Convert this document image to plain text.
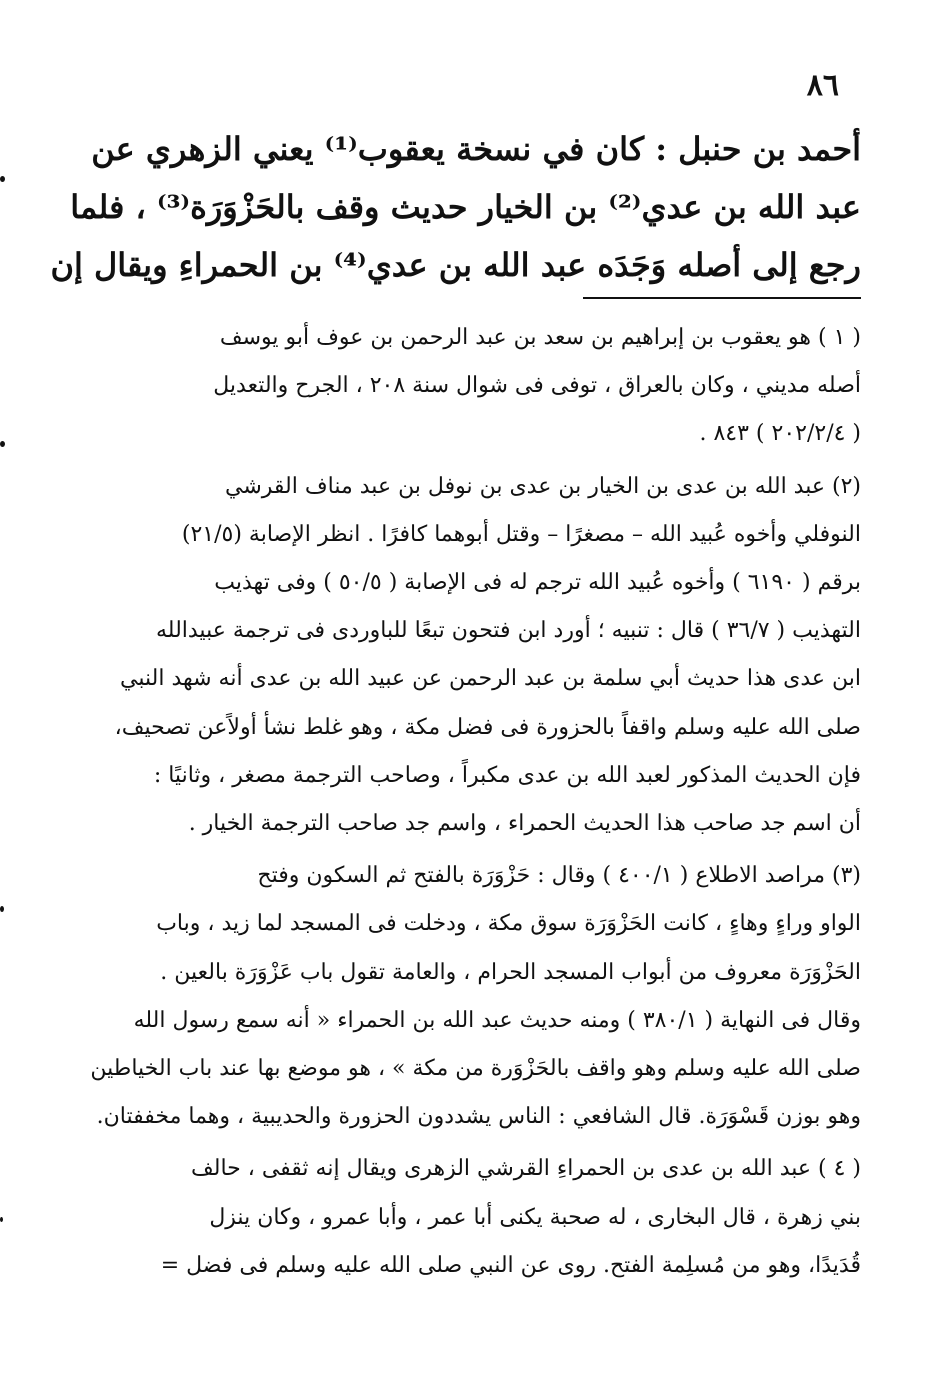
٨٦
أحمد بن حنبل : كان في نسخة يعقوب⁽¹⁾ يعني الزهري عن
عبد الله بن عدي⁽²⁾ بن الخيار حديث وقف بالحَزْوَرَة⁽³⁾ ، فلما
رجع إلى أصله وَجَدَه عبد الله بن عدي⁽⁴⁾ بن الحمراءِ ويقال إن
( ١ ) هو يعقوب بن إبراهيم بن سعد بن عبد الرحمن بن عوف أبو يوسف
أصله مديني ، وكان بالعراق ، توفى فى شوال سنة ٢٠٨ ، الجرح والتعديل
( ٢٠٢/٢/٤ ) ٨٤٣ .
(٢) عبد الله بن عدى بن الخيار بن عدى بن نوفل بن عبد مناف القرشي
النوفلي وأخوه عُبيد الله – مصغرًا – وقتل أبوهما كافرًا . انظر الإصابة (٢١/٥)
برقم ( ٦١٩٠ ) وأخوه عُبيد الله ترجم له فى الإصابة ( ٥٠/٥ ) وفى تهذيب
التهذيب ( ٣٦/٧ ) قال : تنبيه ؛ أورد ابن فتحون تبعًا للباوردى فى ترجمة عبيدالله
ابن عدى هذا حديث أبي سلمة بن عبد الرحمن عن عبيد الله بن عدى أنه شهد النبي
صلى الله عليه وسلم واقفاً بالحزورة فى فضل مكة ، وهو غلط نشأ أولاًعن تصحيف،
فإن الحديث المذكور لعبد الله بن عدى مكبراً ، وصاحب الترجمة مصغر ، وثانيًا :
أن اسم جد صاحب هذا الحديث الحمراء ، واسم جد صاحب الترجمة الخيار .
(٣) مراصد الاطلاع ( ٤٠٠/١ ) وقال : حَزْوَرَة بالفتح ثم السكون وفتح
الواو وراءٍ وهاءٍ ، كانت الحَزْوَرَة سوق مكة ، ودخلت فى المسجد لما زيد ، وباب
الحَزْوَرَة معروف من أبواب المسجد الحرام ، والعامة تقول باب عَزْوَرَة بالعين .
وقال فى النهاية ( ٣٨٠/١ ) ومنه حديث عبد الله بن الحمراء « أنه سمع رسول الله
صلى الله عليه وسلم وهو واقف بالحَزْوَرة من مكة » ، هو موضع بها عند باب الخياطين
وهو بوزن قَسْوَرَة. قال الشافعي : الناس يشددون الحزورة والحديبية ، وهما مخففتان.
( ٤ ) عبد الله بن عدى بن الحمراءِ القرشي الزهرى ويقال إنه ثقفى ، حالف
بني زهرة ، قال البخارى ، له صحبة يكنى أبا عمر ، وأبا عمرو ، وكان ينزل
قُدَيدًا، وهو من مُسلِمة الفتح. روى عن النبي صلى الله عليه وسلم فى فضل =
